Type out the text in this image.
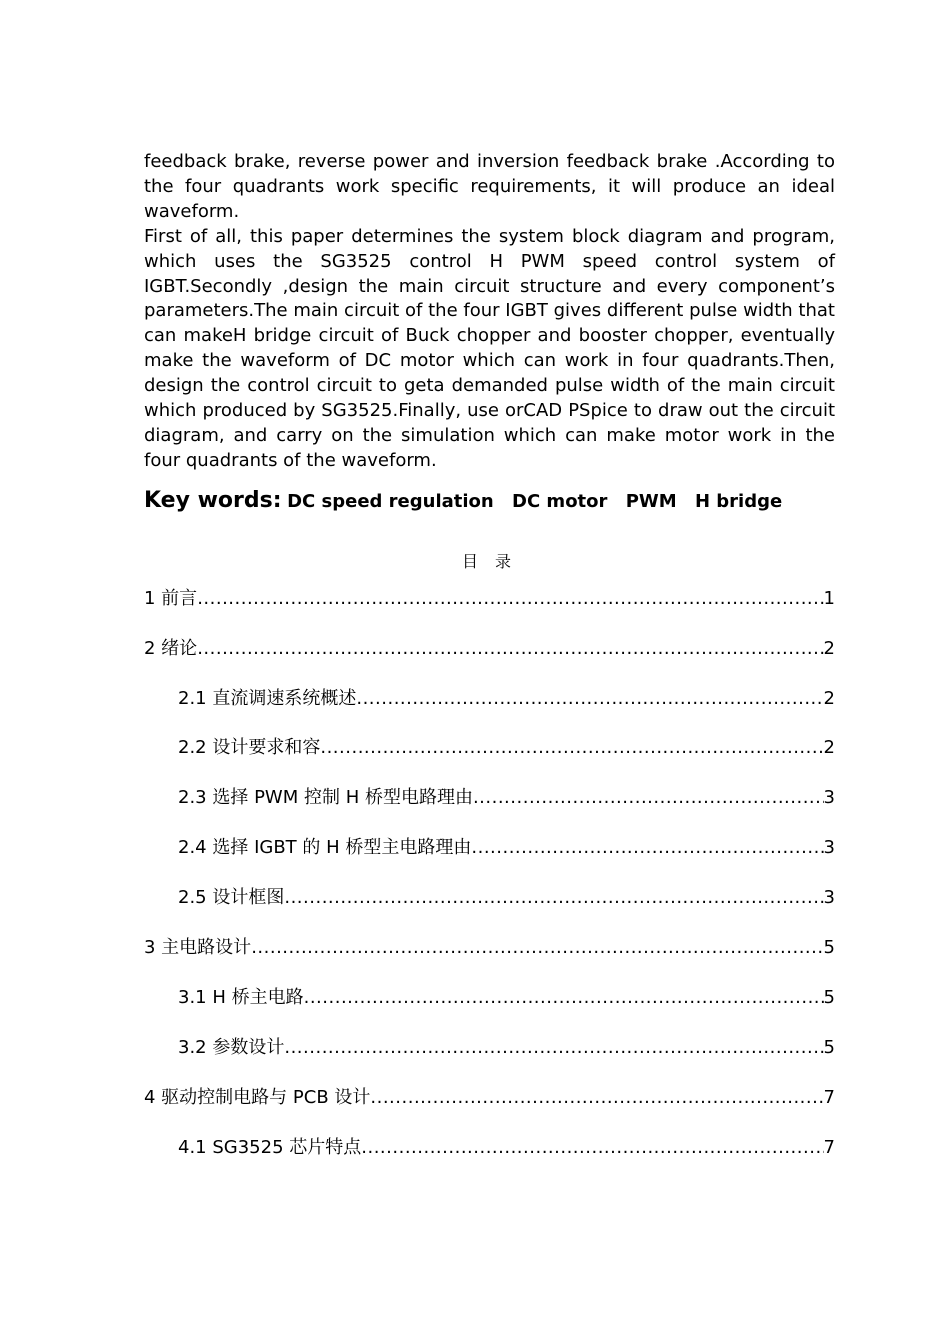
feedback brake, reverse power and inversion feedback brake .According to the four quadrants work specific requirements, it will produce an ideal waveform.

First of all, this paper determines the system block diagram and program, which uses the SG3525 control H PWM speed control system of IGBT.Secondly ,design the main circuit structure and every component’s parameters.The main circuit of the four IGBT gives different pulse width that can makeH bridge circuit of Buck chopper and booster chopper, eventually make the waveform of DC motor which can work in four quadrants.Then, design the control circuit to geta demanded pulse width of the main circuit which produced by SG3525.Finally, use orCAD PSpice to draw out the circuit diagram, and carry on the simulation which can make motor work in the four quadrants of the waveform.

Key words: DC speed regulation DC motor PWM H bridge
目 录
1 前言 .....	1
2 绪论 .....	2
2.1 直流调速系统概述 .....	2
2.2 设计要求和容 .....	2
2.3 选择 PWM 控制 H 桥型电路理由 .....	3
2.4 选择 IGBT 的 H 桥型主电路理由 .....	3
2.5 设计框图 .....	3
3 主电路设计 .....	5
3.1 H 桥主电路 .....	5
3.2 参数设计 .....	5
4 驱动控制电路与 PCB 设计 .....	7
4.1 SG3525 芯片特点 .....	7
